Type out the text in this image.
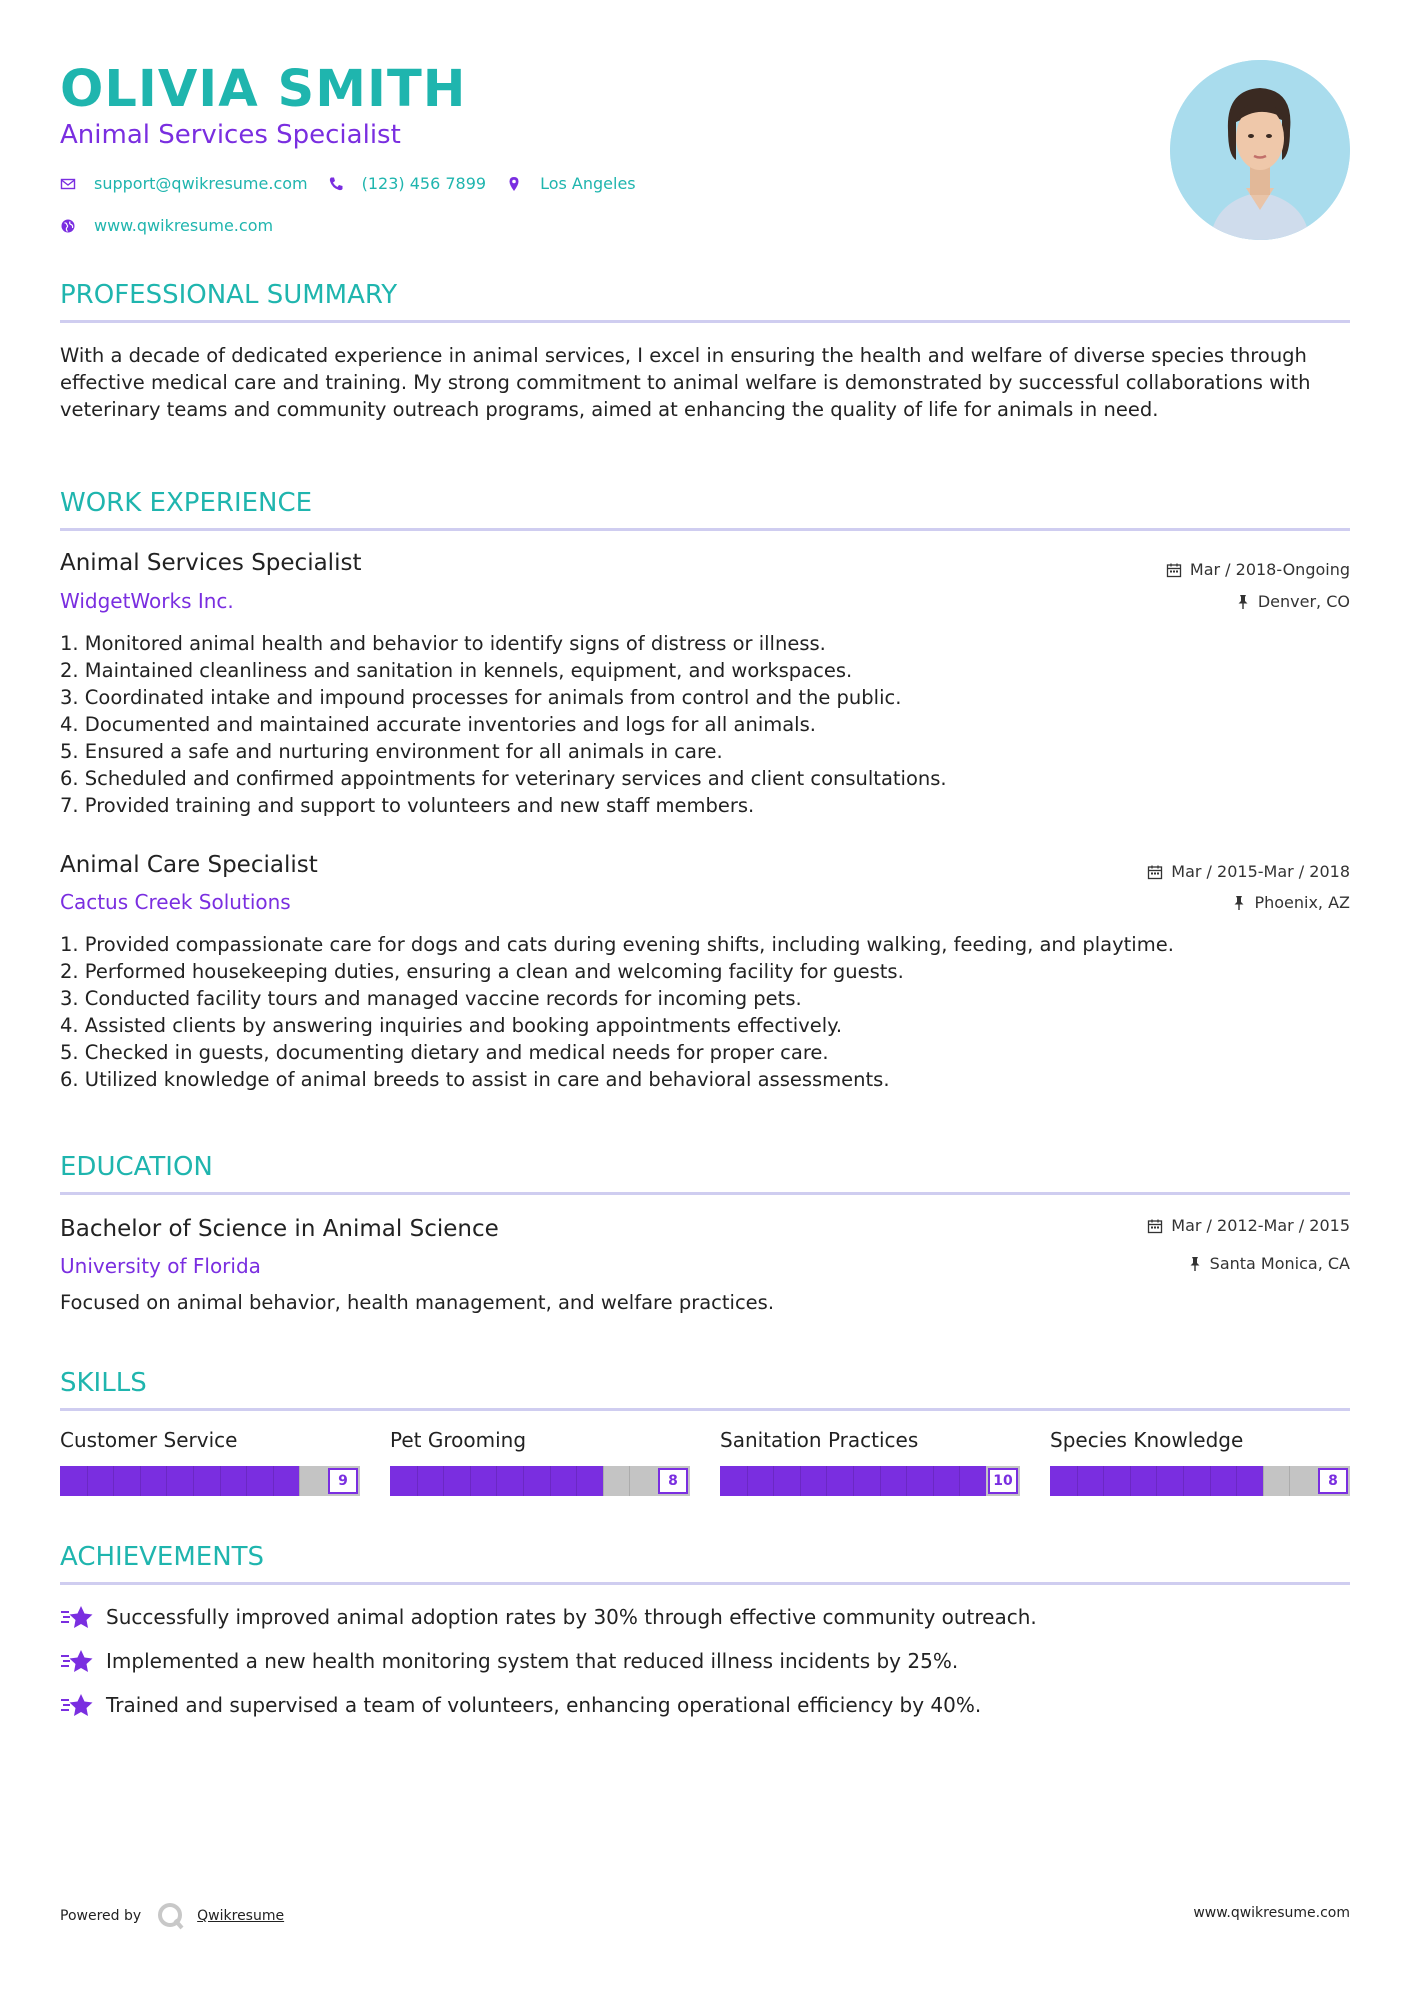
OLIVIA SMITH
Animal Services Specialist
support@qwikresume.com	(123) 456 7899	Los Angeles
www.qwikresume.com
PROFESSIONAL SUMMARY
With a decade of dedicated experience in animal services, I excel in ensuring the health and welfare of diverse species through effective medical care and training. My strong commitment to animal welfare is demonstrated by successful collaborations with veterinary teams and community outreach programs, aimed at enhancing the quality of life for animals in need.
WORK EXPERIENCE
Animal Services Specialist	Mar / 2018-Ongoing
WidgetWorks Inc.	Denver, CO
1. Monitored animal health and behavior to identify signs of distress or illness.
2. Maintained cleanliness and sanitation in kennels, equipment, and workspaces.
3. Coordinated intake and impound processes for animals from control and the public.
4. Documented and maintained accurate inventories and logs for all animals.
5. Ensured a safe and nurturing environment for all animals in care.
6. Scheduled and confirmed appointments for veterinary services and client consultations.
7. Provided training and support to volunteers and new staff members.
Animal Care Specialist	Mar / 2015-Mar / 2018
Cactus Creek Solutions	Phoenix, AZ
1. Provided compassionate care for dogs and cats during evening shifts, including walking, feeding, and playtime.
2. Performed housekeeping duties, ensuring a clean and welcoming facility for guests.
3. Conducted facility tours and managed vaccine records for incoming pets.
4. Assisted clients by answering inquiries and booking appointments effectively.
5. Checked in guests, documenting dietary and medical needs for proper care.
6. Utilized knowledge of animal breeds to assist in care and behavioral assessments.
EDUCATION
Bachelor of Science in Animal Science	Mar / 2012-Mar / 2015
University of Florida	Santa Monica, CA
Focused on animal behavior, health management, and welfare practices.
SKILLS
Customer Service
9
Pet Grooming
8
Sanitation Practices
10
Species Knowledge
8
ACHIEVEMENTS
Successfully improved animal adoption rates by 30% through effective community outreach.
Implemented a new health monitoring system that reduced illness incidents by 25%.
Trained and supervised a team of volunteers, enhancing operational efficiency by 40%.
Powered by	Qwikresume	www.qwikresume.com
